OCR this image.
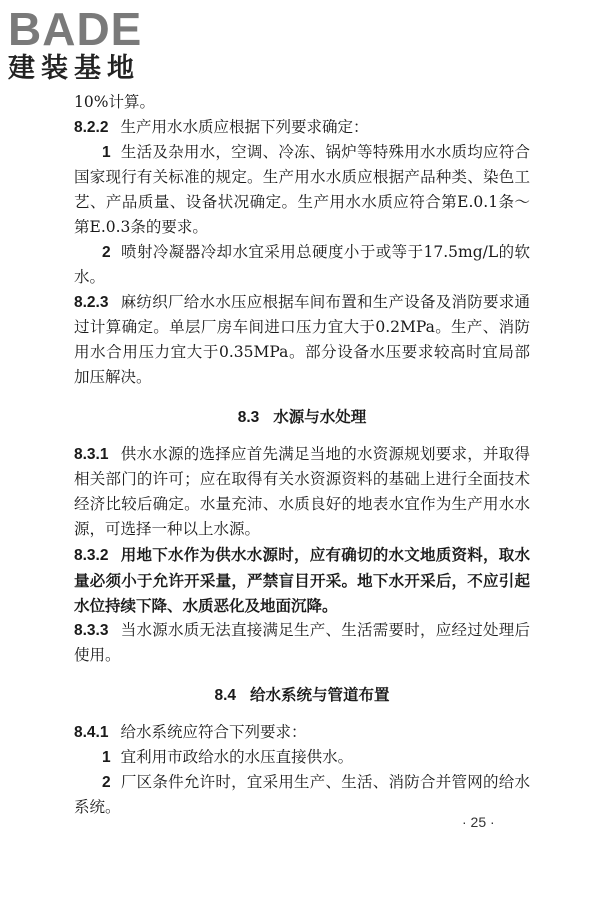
BADE
建装基地

10%计算。

8.2.2 生产用水水质应根据下列要求确定：

1 生活及杂用水，空调、冷冻、锅炉等特殊用水水质均应符合国家现行有关标准的规定。生产用水水质应根据产品种类、染色工艺、产品质量、设备状况确定。生产用水水质应符合第E.0.1条～第E.0.3条的要求。

2 喷射冷凝器冷却水宜采用总硬度小于或等于17.5mg/L的软水。

8.2.3 麻纺织厂给水水压应根据车间布置和生产设备及消防要求通过计算确定。单层厂房车间进口压力宜大于0.2MPa。生产、消防用水合用压力宜大于0.35MPa。部分设备水压要求较高时宜局部加压解决。

8.3 水源与水处理

8.3.1 供水水源的选择应首先满足当地的水资源规划要求，并取得相关部门的许可；应在取得有关水资源资料的基础上进行全面技术经济比较后确定。水量充沛、水质良好的地表水宜作为生产用水水源，可选择一种以上水源。

8.3.2 用地下水作为供水水源时，应有确切的水文地质资料，取水量必须小于允许开采量，严禁盲目开采。地下水开采后，不应引起水位持续下降、水质恶化及地面沉降。

8.3.3 当水源水质无法直接满足生产、生活需要时，应经过处理后使用。

8.4 给水系统与管道布置

8.4.1 给水系统应符合下列要求：

1 宜利用市政给水的水压直接供水。

2 厂区条件允许时，宜采用生产、生活、消防合并管网的给水系统。

· 25 ·
